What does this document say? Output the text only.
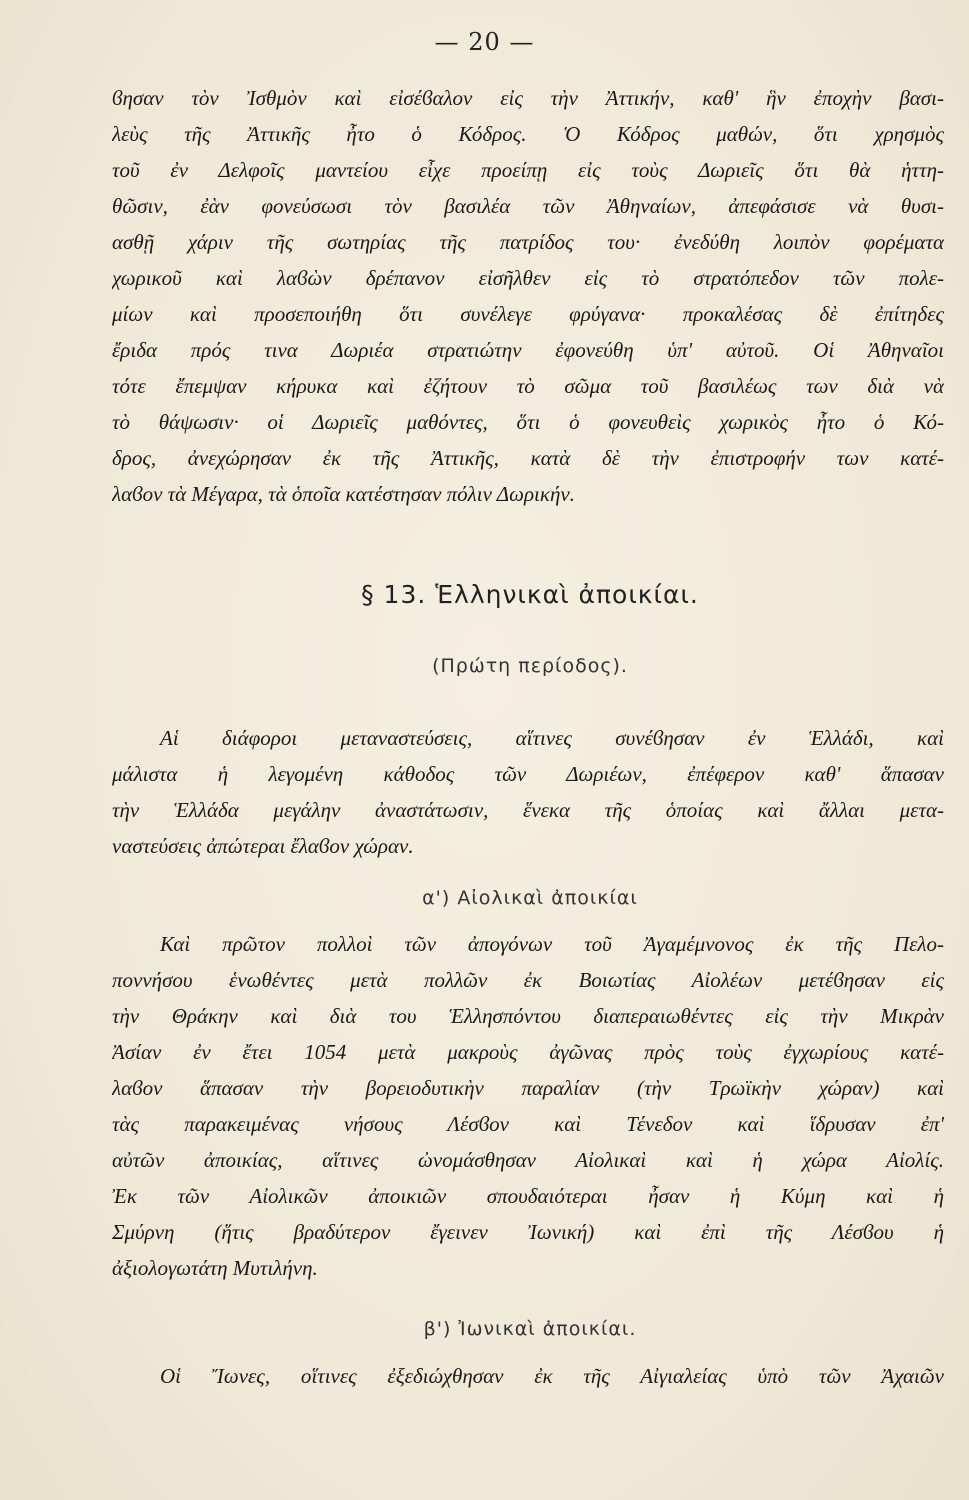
— 20 —
ϐησαν τὸν Ἰσθμὸν καὶ εἰσέϐαλον εἰς τὴν Ἀττικήν, καθ' ἣν ἐποχὴν βασι-
λεὺς τῆς Ἀττικῆς ἦτο ὁ Κόδρος. Ὁ Κόδρος μαθών, ὅτι χρησμὸς
τοῦ ἐν Δελφοῖς μαντείου εἶχε προείπῃ εἰς τοὺς Δωριεῖς ὅτι θὰ ἡττη-
θῶσιν, ἐὰν φονεύσωσι τὸν βασιλέα τῶν Ἀθηναίων, ἀπεφάσισε νὰ θυσι-
ασθῇ χάριν τῆς σωτηρίας τῆς πατρίδος του· ἐνεδύθη λοιπὸν φορέματα
χωρικοῦ καὶ λαϐὼν δρέπανον εἰσῆλθεν εἰς τὸ στρατόπεδον τῶν πολε-
μίων καὶ προσεποιήθη ὅτι συνέλεγε φρύγανα· προκαλέσας δὲ ἐπίτηδες
ἔριδα πρός τινα Δωριέα στρατιώτην ἐφονεύθη ὑπ' αὐτοῦ. Οἱ Ἀθηναῖοι
τότε ἔπεμψαν κήρυκα καὶ ἐζήτουν τὸ σῶμα τοῦ βασιλέως των διὰ νὰ
τὸ θάψωσιν· οἱ Δωριεῖς μαθόντες, ὅτι ὁ φονευθεὶς χωρικὸς ἦτο ὁ Κό-
δρος, ἀνεχώρησαν ἐκ τῆς Ἀττικῆς, κατὰ δὲ τὴν ἐπιστροφήν των κατέ-
λαϐον τὰ Μέγαρα, τὰ ὁποῖα κατέστησαν πόλιν Δωρικήν.
§ 13. Ἑλληνικαὶ ἀποικίαι.
(Πρώτη περίοδος).
Αἱ διάφοροι μεταναστεύσεις, αἵτινες συνέϐησαν ἐν Ἑλλάδι, καὶ
μάλιστα ἡ λεγομένη κάθοδος τῶν Δωριέων, ἐπέφερον καθ' ἅπασαν
τὴν Ἑλλάδα μεγάλην ἀναστάτωσιν, ἕνεκα τῆς ὁποίας καὶ ἄλλαι μετα-
ναστεύσεις ἀπώτεραι ἔλαϐον χώραν.
α') Αἰολικαὶ ἀποικίαι
Καὶ πρῶτον πολλοὶ τῶν ἀπογόνων τοῦ Ἀγαμέμνονος ἐκ τῆς Πελο-
ποννήσου ἑνωθέντες μετὰ πολλῶν ἐκ Βοιωτίας Αἰολέων μετέϐησαν εἰς
τὴν Θράκην καὶ διὰ του Ἑλλησπόντου διαπεραιωθέντες εἰς τὴν Μικρὰν
Ἀσίαν ἐν ἔτει 1054 μετὰ μακροὺς ἀγῶνας πρὸς τοὺς ἐγχωρίους κατέ-
λαϐον ἅπασαν τὴν βορειοδυτικὴν παραλίαν (τὴν Τρωϊκὴν χώραν) καὶ
τὰς παρακειμένας νήσους Λέσϐον καὶ Τένεδον καὶ ἵδρυσαν ἐπ'
αὐτῶν ἀποικίας, αἵτινες ὠνομάσθησαν Αἰολικαὶ καὶ ἡ χώρα Αἰολίς.
Ἐκ τῶν Αἰολικῶν ἀποικιῶν σπουδαιότεραι ἦσαν ἡ Κύμη καὶ ἡ
Σμύρνη (ἥτις βραδύτερον ἔγεινεν Ἰωνική) καὶ ἐπὶ τῆς Λέσϐου ἡ
ἀξιολογωτάτη Μυτιλήνη.
β') Ἰωνικαὶ ἀποικίαι.
Οἱ Ἴωνες, οἵτινες ἐξεδιώχθησαν ἐκ τῆς Αἰγιαλείας ὑπὸ τῶν Ἀχαιῶν
